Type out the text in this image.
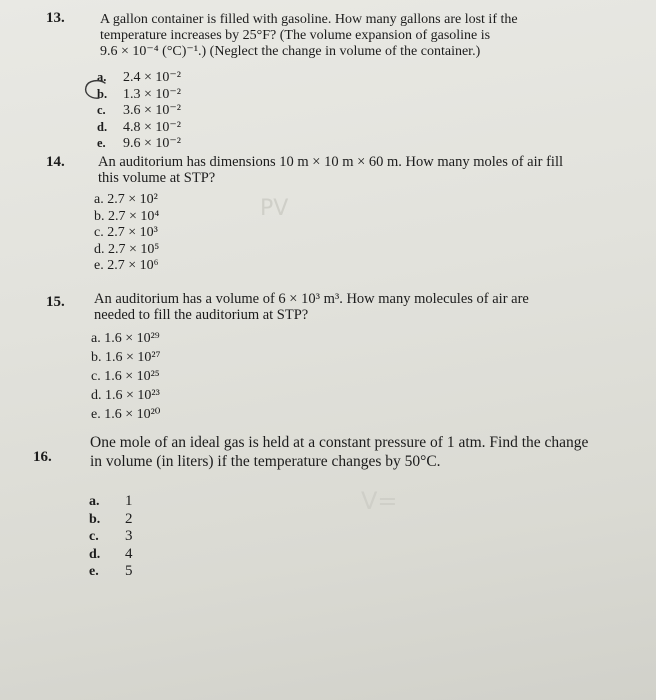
13.	A gallon container is filled with gasoline. How many gallons are lost if the
temperature increases by 25°F? (The volume expansion of gasoline is
9.6 × 10⁻⁴ (°C)⁻¹.) (Neglect the change in volume of the container.)
a. 2.4 × 10⁻²
b. 1.3 × 10⁻²
c. 3.6 × 10⁻²
d. 4.8 × 10⁻²
e. 9.6 × 10⁻²
14. An auditorium has dimensions 10 m × 10 m × 60 m. How many moles of air fill
this volume at STP?
a. 2.7 × 10²
b. 2.7 × 10⁴
c. 2.7 × 10³
d. 2.7 × 10⁵
e. 2.7 × 10⁶
PV
15. An auditorium has a volume of 6 × 10³ m³. How many molecules of air are
needed to fill the auditorium at STP?
a. 1.6 × 10²⁹
b. 1.6 × 10²⁷
c. 1.6 × 10²⁵
d. 1.6 × 10²³
e. 1.6 × 10²⁰
16.
One mole of an ideal gas is held at a constant pressure of 1 atm. Find the change
in volume (in liters) if the temperature changes by 50°C.
a. 1
b. 2
c. 3
d. 4
e. 5
V=
